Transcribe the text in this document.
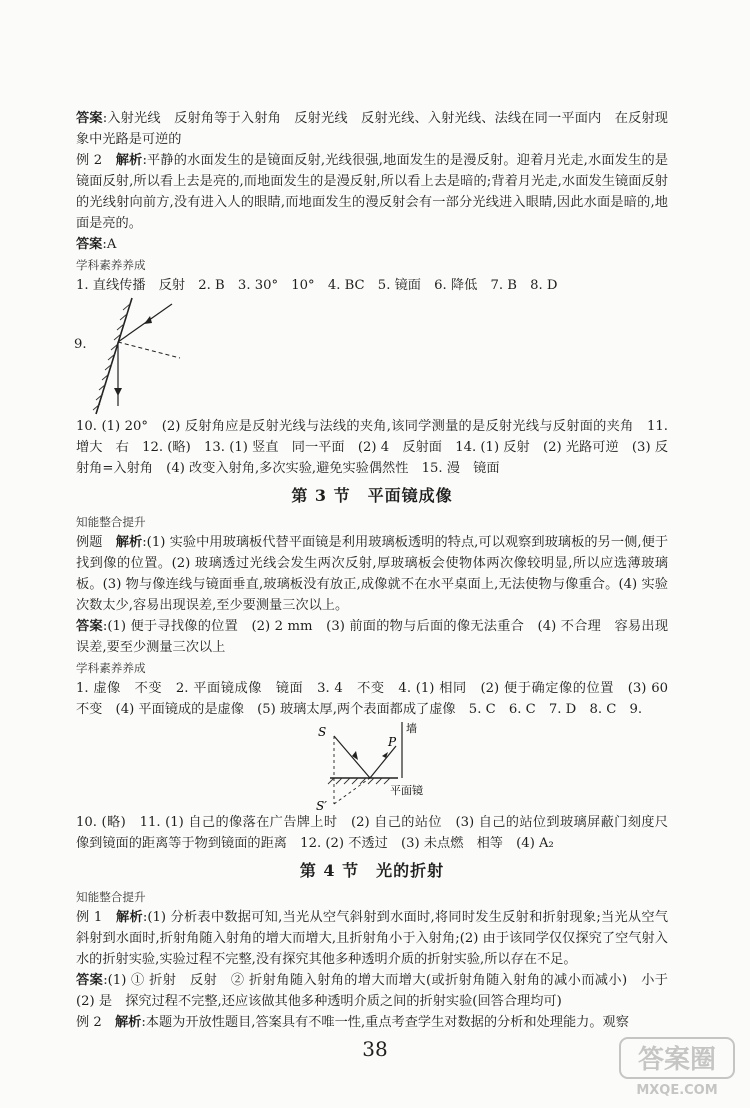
答案:入射光线　反射角等于入射角　反射光线　反射光线、入射光线、法线在同一平面内　在反射现象中光路是可逆的

例 2　解析:平静的水面发生的是镜面反射,光线很强,地面发生的是漫反射。迎着月光走,水面发生的是镜面反射,所以看上去是亮的,而地面发生的是漫反射,所以看上去是暗的;背着月光走,水面发生镜面反射的光线射向前方,没有进入人的眼睛,而地面发生的漫反射会有一部分光线进入眼睛,因此水面是暗的,地面是亮的。

答案:A

学科素养养成

1. 直线传播　反射　2. B　3. 30°　10°　4. BC　5. 镜面　6. 降低　7. B　8. D

9.

10. (1) 20°　(2) 反射角应是反射光线与法线的夹角,该同学测量的是反射光线与反射面的夹角　11. 增大　右　12. (略)　13. (1) 竖直　同一平面　(2) 4　反射面　14. (1) 反射　(2) 光路可逆　(3) 反射角=入射角　(4) 改变入射角,多次实验,避免实验偶然性　15. 漫　镜面

第 3 节　平面镜成像

知能整合提升

例题　解析:(1) 实验中用玻璃板代替平面镜是利用玻璃板透明的特点,可以观察到玻璃板的另一侧,便于找到像的位置。(2) 玻璃透过光线会发生两次反射,厚玻璃板会使物体两次像较明显,所以应选薄玻璃板。(3) 物与像连线与镜面垂直,玻璃板没有放正,成像就不在水平桌面上,无法使物与像重合。(4) 实验次数太少,容易出现误差,至少要测量三次以上。

答案:(1) 便于寻找像的位置　(2) 2 mm　(3) 前面的物与后面的像无法重合　(4) 不合理　容易出现误差,要至少测量三次以上

学科素养养成

1. 虚像　不变　2. 平面镜成像　镜面　3. 4　不变　4. (1) 相同　(2) 便于确定像的位置　(3) 60　不变　(4) 平面镜成的是虚像　(5) 玻璃太厚,两个表面都成了虚像　5. C　6. C　7. D　8. C　9.

S
S′
P
墙
平面镜

10. (略)　11. (1) 自己的像落在广告牌上时　(2) 自己的站位　(3) 自己的站位到玻璃屏蔽门刻度尺　像到镜面的距离等于物到镜面的距离　12. (2) 不透过　(3) 未点燃　相等　(4) A₂

第 4 节　光的折射

知能整合提升

例 1　解析:(1) 分析表中数据可知,当光从空气斜射到水面时,将同时发生反射和折射现象;当光从空气斜射到水面时,折射角随入射角的增大而增大,且折射角小于入射角;(2) 由于该同学仅仅探究了空气射入水的折射实验,实验过程不完整,没有探究其他多种透明介质的折射实验,所以存在不足。

答案:(1) ① 折射　反射　② 折射角随入射角的增大而增大(或折射角随入射角的减小而减小)　小于　(2) 是　探究过程不完整,还应该做其他多种透明介质之间的折射实验(回答合理均可)

例 2　解析:本题为开放性题目,答案具有不唯一性,重点考查学生对数据的分析和处理能力。观察

38	答案圈
MXQE.COM
